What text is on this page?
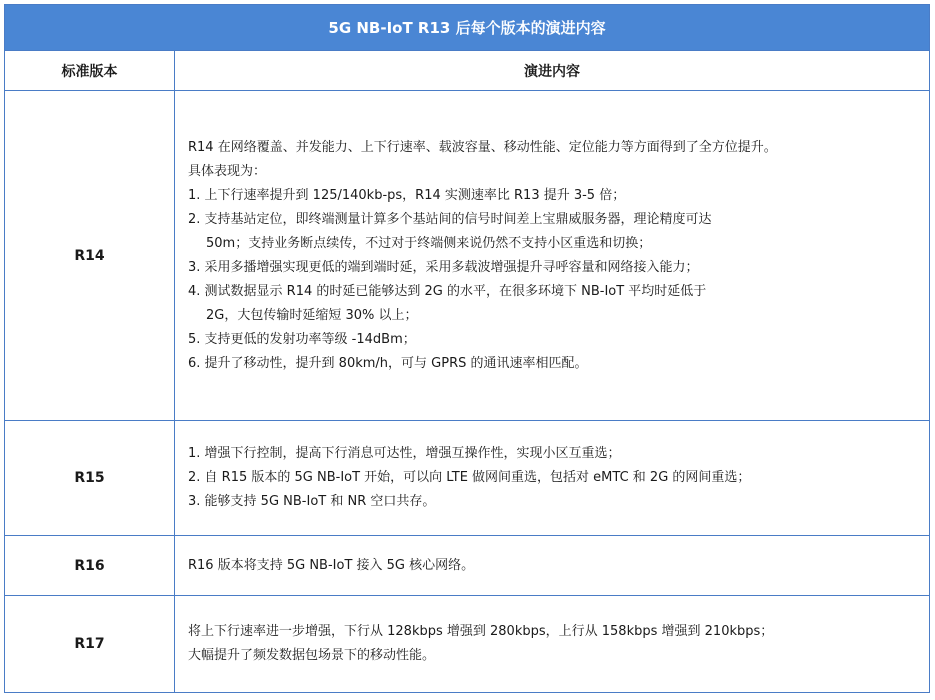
5G NB-IoT R13 后每个版本的演进内容
标准版本	演进内容
R14
R14 在网络覆盖、并发能力、上下行速率、载波容量、移动性能、定位能力等方面得到了全方位提升。
具体表现为：
1. 上下行速率提升到 125/140kb-ps，R14 实测速率比 R13 提升 3-5 倍；
2. 支持基站定位，即终端测量计算多个基站间的信号时间差上宝鼎威服务器，理论精度可达
50m；支持业务断点续传，不过对于终端侧来说仍然不支持小区重选和切换；
3. 采用多播增强实现更低的端到端时延，采用多载波增强提升寻呼容量和网络接入能力；
4. 测试数据显示 R14 的时延已能够达到 2G 的水平，在很多环境下 NB-IoT 平均时延低于
2G，大包传输时延缩短 30% 以上；
5. 支持更低的发射功率等级 -14dBm；
6. 提升了移动性，提升到 80km/h，可与 GPRS 的通讯速率相匹配。
R15
1. 增强下行控制，提高下行消息可达性，增强互操作性，实现小区互重选；
2. 自 R15 版本的 5G NB-IoT 开始，可以向 LTE 做网间重选，包括对 eMTC 和 2G 的网间重选；
3. 能够支持 5G NB-IoT 和 NR 空口共存。
R16	R16 版本将支持 5G NB-IoT 接入 5G 核心网络。
R17
将上下行速率进一步增强，下行从 128kbps 增强到 280kbps，上行从 158kbps 增强到 210kbps；
大幅提升了频发数据包场景下的移动性能。
